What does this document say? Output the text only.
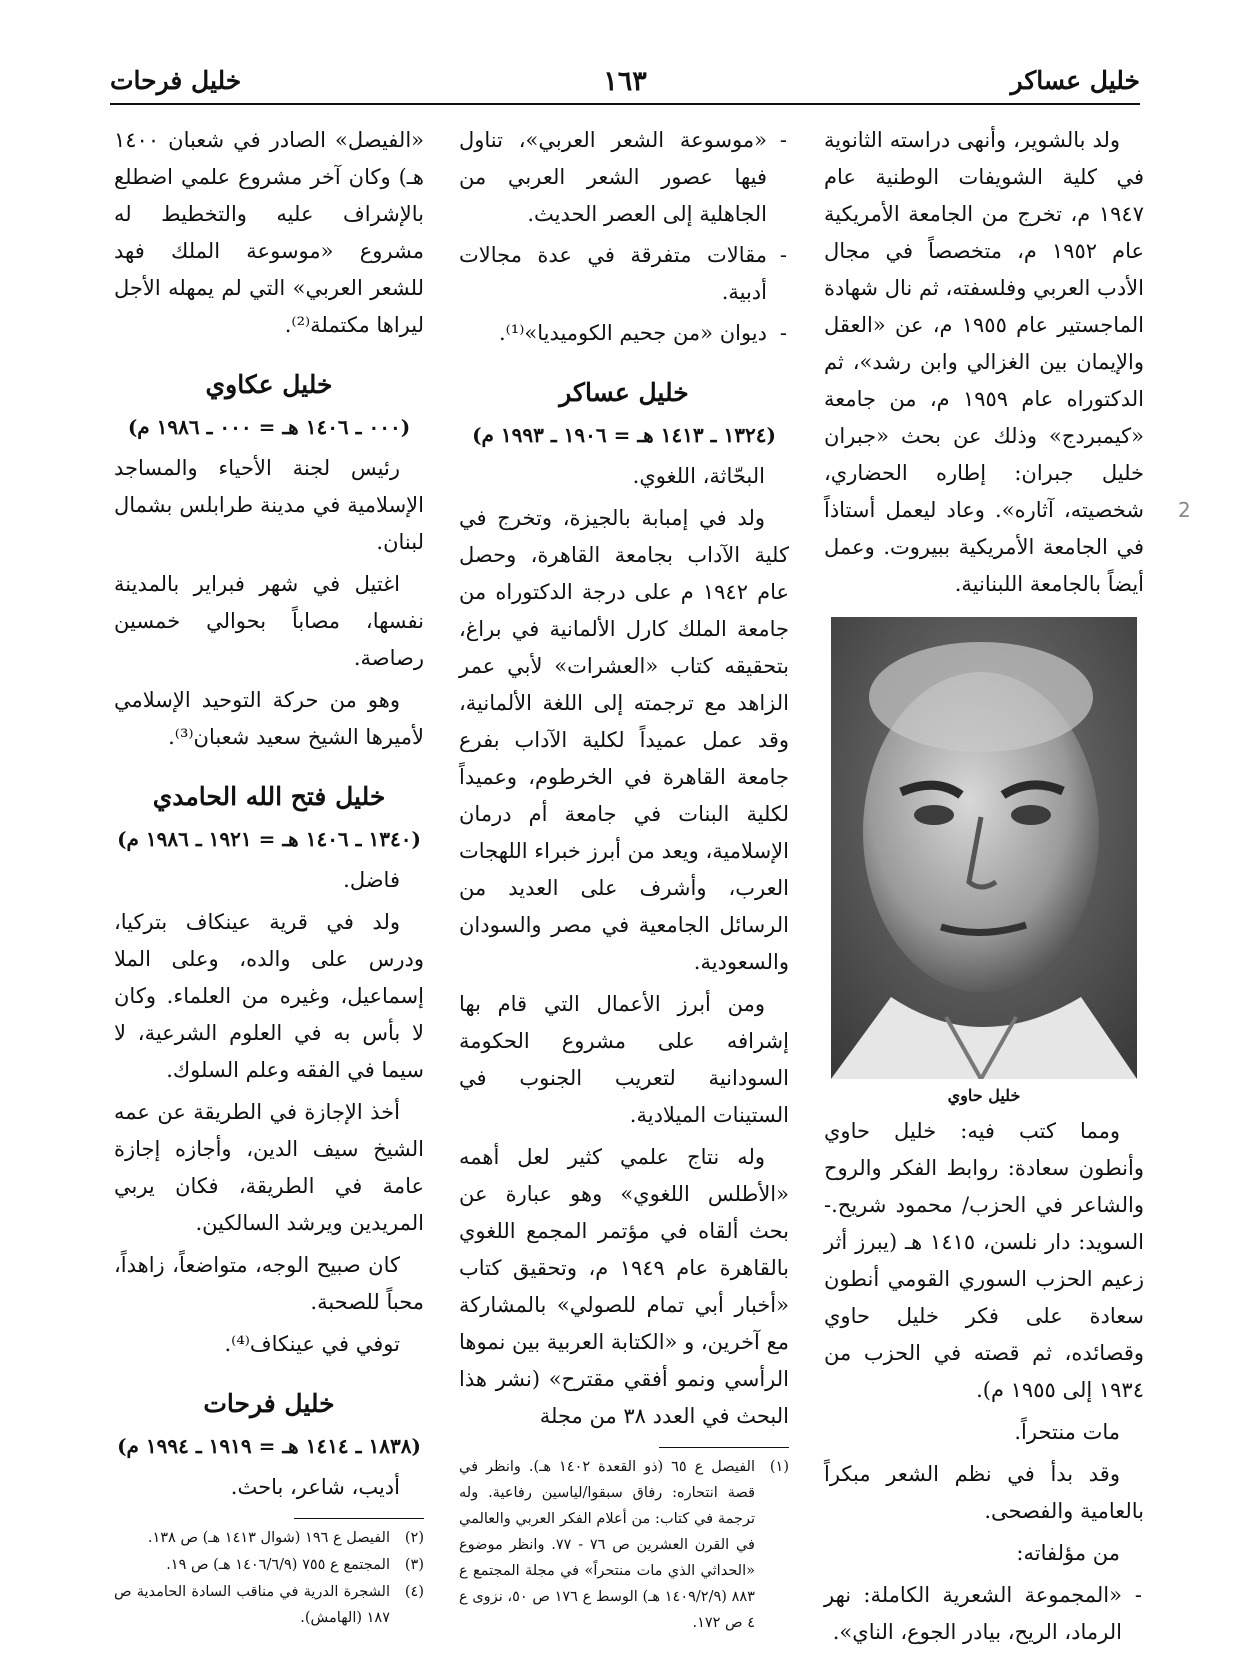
خليل عساكر
١٦٣
خليل فرحات

ولد بالشوير، وأنهى دراسته الثانوية في كلية الشويفات الوطنية عام ١٩٤٧ م، تخرج من الجامعة الأمريكية عام ١٩٥٢ م، متخصصاً في مجال الأدب العربي وفلسفته، ثم نال شهادة الماجستير عام ١٩٥٥ م، عن «العقل والإيمان بين الغزالي وابن رشد»، ثم الدكتوراه عام ١٩٥٩ م، من جامعة «كيمبردج» وذلك عن بحث «جبران خليل جبران: إطاره الحضاري، شخصيته، آثاره». وعاد ليعمل أستاذاً في الجامعة الأمريكية ببيروت. وعمل أيضاً بالجامعة اللبنانية.

خليل حاوي

ومما كتب فيه: خليل حاوي وأنطون سعادة: روابط الفكر والروح والشاعر في الحزب/ محمود شريح.- السويد: دار نلسن، ١٤١٥ هـ (يبرز أثر زعيم الحزب السوري القومي أنطون سعادة على فكر خليل حاوي وقصائده، ثم قصته في الحزب من ١٩٣٤ إلى ١٩٥٥ م).

مات منتحراً.

وقد بدأ في نظم الشعر مبكراً بالعامية والفصحى.

من مؤلفاته:

- «المجموعة الشعرية الكاملة: نهر الرماد، الريح، بيادر الجوع، الناي».
- «موسوعة الشعر العربي»، تناول فيها عصور الشعر العربي من الجاهلية إلى العصر الحديث.
- مقالات متفرقة في عدة مجالات أدبية.
- ديوان «من جحيم الكوميديا»⁽¹⁾.
خليل عساكر
(١٣٢٤ ـ ١٤١٣ هـ = ١٩٠٦ ـ ١٩٩٣ م)

البحّاثة، اللغوي.

ولد في إمبابة بالجيزة، وتخرج في كلية الآداب بجامعة القاهرة، وحصل عام ١٩٤٢ م على درجة الدكتوراه من جامعة الملك كارل الألمانية في براغ، بتحقيقه كتاب «العشرات» لأبي عمر الزاهد مع ترجمته إلى اللغة الألمانية، وقد عمل عميداً لكلية الآداب بفرع جامعة القاهرة في الخرطوم، وعميداً لكلية البنات في جامعة أم درمان الإسلامية، ويعد من أبرز خبراء اللهجات العرب، وأشرف على العديد من الرسائل الجامعية في مصر والسودان والسعودية.

ومن أبرز الأعمال التي قام بها إشرافه على مشروع الحكومة السودانية لتعريب الجنوب في الستينات الميلادية.

وله نتاج علمي كثير لعل أهمه «الأطلس اللغوي» وهو عبارة عن بحث ألقاه في مؤتمر المجمع اللغوي بالقاهرة عام ١٩٤٩ م، وتحقيق كتاب «أخبار أبي تمام للصولي» بالمشاركة مع آخرين، و «الكتابة العربية بين نموها الرأسي ونمو أفقي مقترح» (نشر هذا البحث في العدد ٣٨ من مجلة

(١)
الفيصل ع ٦٥ (ذو القعدة ١٤٠٢ هـ). وانظر في قصة انتحاره: رفاق سبقوا/لياسين رفاعية. وله ترجمة في كتاب: من أعلام الفكر العربي والعالمي في القرن العشرين ص ٧٦ - ٧٧. وانظر موضوع «الحداثي الذي مات منتحراً» في مجلة المجتمع ع ٨٨٣ (١٤٠٩/٢/٩ هـ) الوسط ع ١٧٦ ص ٥٠، نزوى ع ٤ ص ١٧٢.

«الفيصل» الصادر في شعبان ١٤٠٠ هـ) وكان آخر مشروع علمي اضطلع بالإشراف عليه والتخطيط له مشروع «موسوعة الملك فهد للشعر العربي» التي لم يمهله الأجل ليراها مكتملة⁽²⁾.

خليل عكاوي
(٠٠٠ ـ ١٤٠٦ هـ = ٠٠٠ ـ ١٩٨٦ م)

رئيس لجنة الأحياء والمساجد الإسلامية في مدينة طرابلس بشمال لبنان.

اغتيل في شهر فبراير بالمدينة نفسها، مصاباً بحوالي خمسين رصاصة.

وهو من حركة التوحيد الإسلامي لأميرها الشيخ سعيد شعبان⁽³⁾.

خليل فتح الله الحامدي
(١٣٤٠ ـ ١٤٠٦ هـ = ١٩٢١ ـ ١٩٨٦ م)

فاضل.

ولد في قرية عينكاف بتركيا، ودرس على والده، وعلى الملا إسماعيل، وغيره من العلماء. وكان لا بأس به في العلوم الشرعية، لا سيما في الفقه وعلم السلوك.

أخذ الإجازة في الطريقة عن عمه الشيخ سيف الدين، وأجازه إجازة عامة في الطريقة، فكان يربي المريدين ويرشد السالكين.

كان صبيح الوجه، متواضعاً، زاهداً، محباً للصحبة.

توفي في عينكاف⁽⁴⁾.

خليل فرحات
(١٨٣٨ ـ ١٤١٤ هـ = ١٩١٩ ـ ١٩٩٤ م)

أديب، شاعر، باحث.

(٢)
الفيصل ع ١٩٦ (شوال ١٤١٣ هـ) ص ١٣٨.
(٣)
المجتمع ع ٧٥٥ (١٤٠٦/٦/٩ هـ) ص ١٩.
(٤)
الشجرة الدرية في مناقب السادة الحامدية ص ١٨٧ (الهامش).
2
